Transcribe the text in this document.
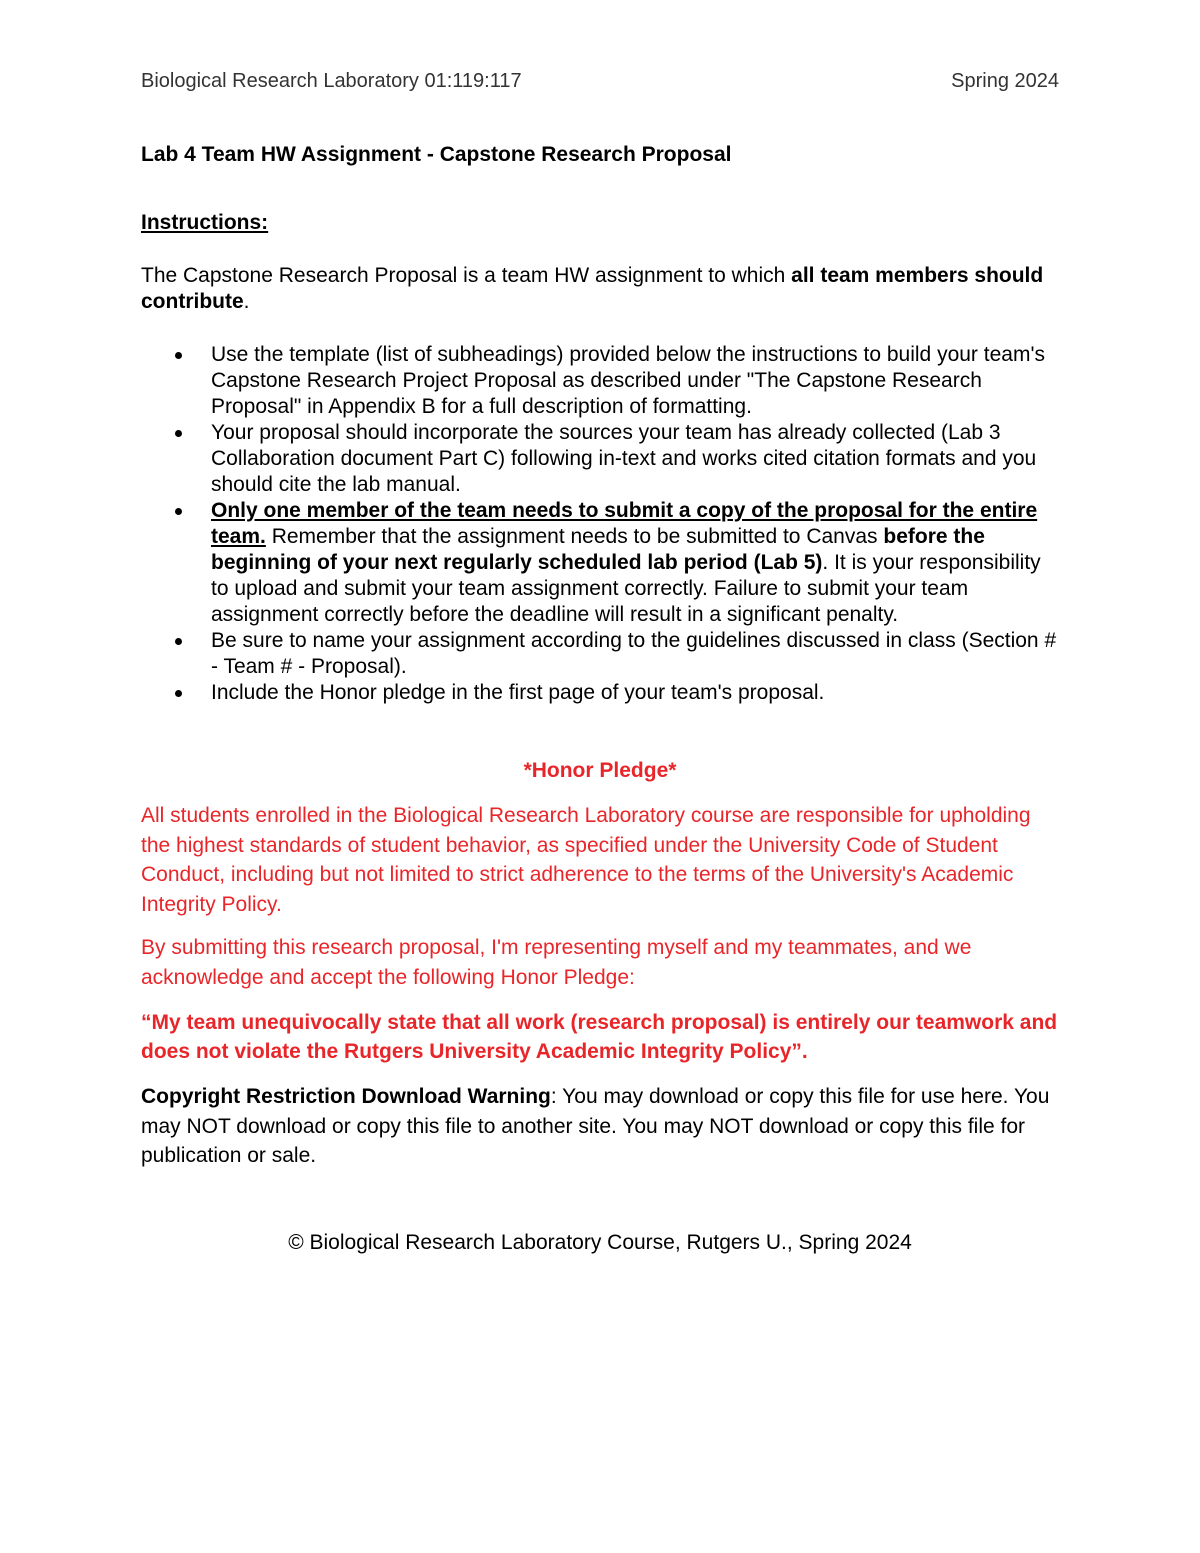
Biological Research Laboratory 01:119:117	Spring 2024
Lab 4 Team HW Assignment - Capstone Research Proposal
Instructions:

The Capstone Research Proposal is a team HW assignment to which all team members should contribute.

Use the template (list of subheadings) provided below the instructions to build your team's Capstone Research Project Proposal as described under "The Capstone Research Proposal" in Appendix B for a full description of formatting.
Your proposal should incorporate the sources your team has already collected (Lab 3 Collaboration document Part C) following in-text and works cited citation formats and you should cite the lab manual.
Only one member of the team needs to submit a copy of the proposal for the entire team. Remember that the assignment needs to be submitted to Canvas before the beginning of your next regularly scheduled lab period (Lab 5). It is your responsibility to upload and submit your team assignment correctly. Failure to submit your team assignment correctly before the deadline will result in a significant penalty.
Be sure to name your assignment according to the guidelines discussed in class (Section # - Team # - Proposal).
Include the Honor pledge in the first page of your team's proposal.
*Honor Pledge*

All students enrolled in the Biological Research Laboratory course are responsible for upholding the highest standards of student behavior, as specified under the University Code of Student Conduct, including but not limited to strict adherence to the terms of the University's Academic Integrity Policy.

By submitting this research proposal, I'm representing myself and my teammates, and we acknowledge and accept the following Honor Pledge:

“My team unequivocally state that all work (research proposal) is entirely our teamwork and does not violate the Rutgers University Academic Integrity Policy”.

Copyright Restriction Download Warning: You may download or copy this file for use here. You may NOT download or copy this file to another site. You may NOT download or copy this file for publication or sale.

© Biological Research Laboratory Course, Rutgers U., Spring 2024
